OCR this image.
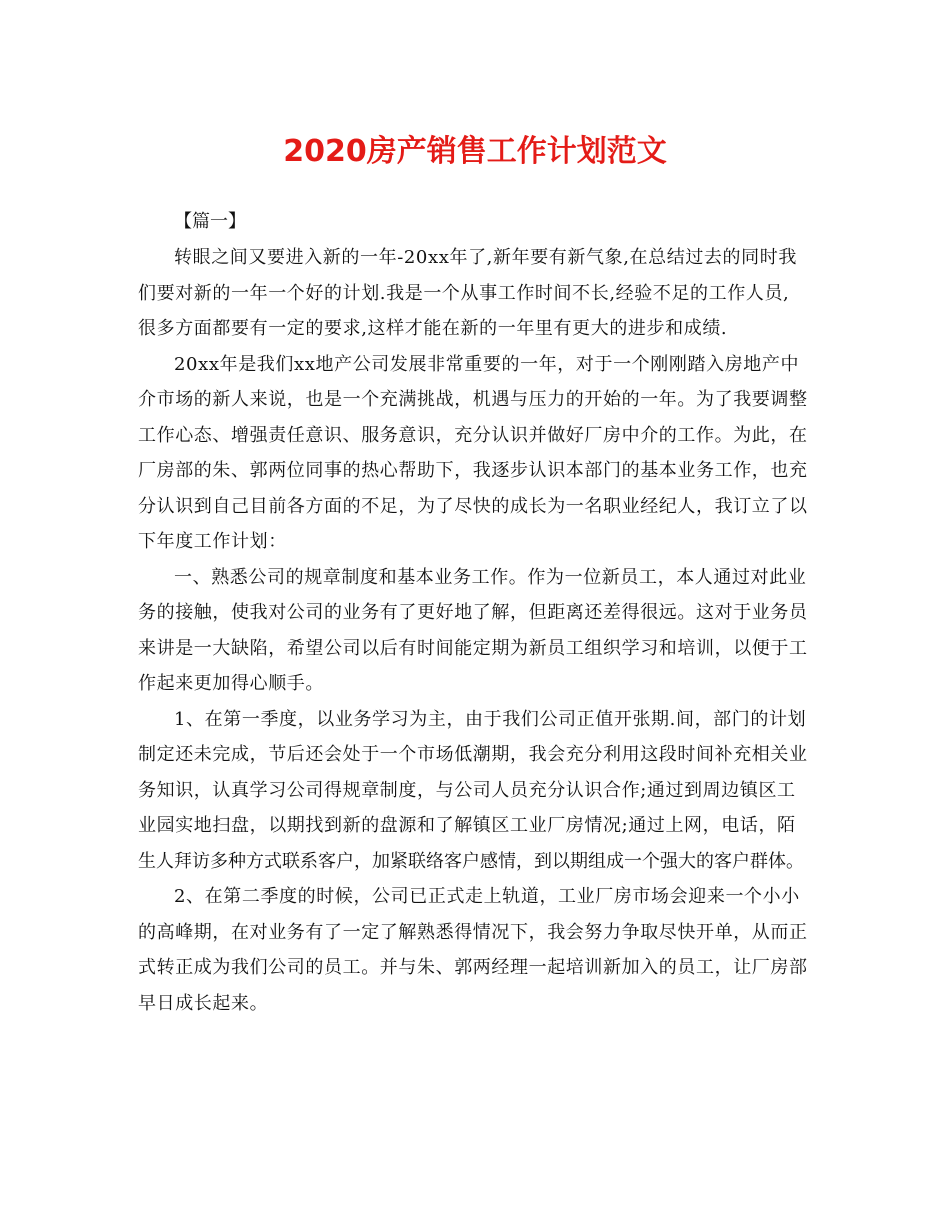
2020房产销售工作计划范文
【篇一】
转眼之间又要进入新的一年-20xx年了,新年要有新气象,在总结过去的同时我
们要对新的一年一个好的计划.我是一个从事工作时间不长,经验不足的工作人员,
很多方面都要有一定的要求,这样才能在新的一年里有更大的进步和成绩.
20xx年是我们xx地产公司发展非常重要的一年，对于一个刚刚踏入房地产中
介市场的新人来说，也是一个充满挑战，机遇与压力的开始的一年。为了我要调整
工作心态、增强责任意识、服务意识，充分认识并做好厂房中介的工作。为此，在
厂房部的朱、郭两位同事的热心帮助下，我逐步认识本部门的基本业务工作，也充
分认识到自己目前各方面的不足，为了尽快的成长为一名职业经纪人，我订立了以
下年度工作计划：
一、熟悉公司的规章制度和基本业务工作。作为一位新员工，本人通过对此业
务的接触，使我对公司的业务有了更好地了解，但距离还差得很远。这对于业务员
来讲是一大缺陷，希望公司以后有时间能定期为新员工组织学习和培训，以便于工
作起来更加得心顺手。
1、在第一季度，以业务学习为主，由于我们公司正值开张期.间，部门的计划
制定还未完成，节后还会处于一个市场低潮期，我会充分利用这段时间补充相关业
务知识，认真学习公司得规章制度，与公司人员充分认识合作;通过到周边镇区工
业园实地扫盘，以期找到新的盘源和了解镇区工业厂房情况;通过上网，电话，陌
生人拜访多种方式联系客户，加紧联络客户感情，到以期组成一个强大的客户群体。
2、在第二季度的时候，公司已正式走上轨道，工业厂房市场会迎来一个小小
的高峰期，在对业务有了一定了解熟悉得情况下，我会努力争取尽快开单，从而正
式转正成为我们公司的员工。并与朱、郭两经理一起培训新加入的员工，让厂房部
早日成长起来。
